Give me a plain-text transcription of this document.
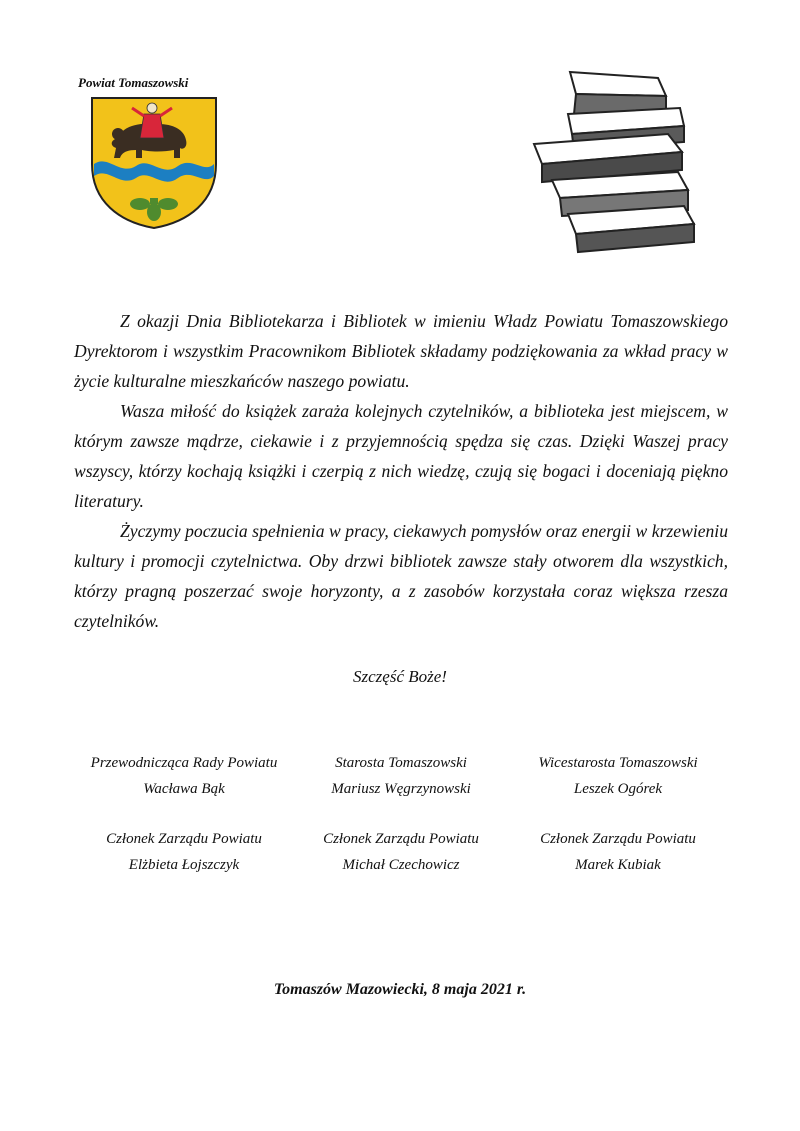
Powiat Tomaszowski

Z okazji Dnia Bibliotekarza i Bibliotek w imieniu Władz Powiatu Tomaszowskiego Dyrektorom i wszystkim Pracownikom Bibliotek składamy podziękowania za wkład pracy w życie kulturalne mieszkańców naszego powiatu.

Wasza miłość do książek zaraża kolejnych czytelników, a biblioteka jest miejscem, w którym zawsze mądrze, ciekawie i z przyjemnością spędza się czas. Dzięki Waszej pracy wszyscy, którzy kochają książki i czerpią z nich wiedzę, czują się bogaci i doceniają piękno literatury.

Życzymy poczucia spełnienia w pracy, ciekawych pomysłów oraz energii w krzewieniu kultury i promocji czytelnictwa. Oby drzwi bibliotek zawsze stały otworem dla wszystkich, którzy pragną poszerzać swoje horyzonty, a z zasobów korzystała coraz większa rzesza czytelników.

Szczęść Boże!
Przewodnicząca Rady Powiatu
Wacława Bąk
Starosta Tomaszowski
Mariusz Węgrzynowski
Wicestarosta Tomaszowski
Leszek Ogórek
Członek Zarządu Powiatu
Elżbieta Łojszczyk
Członek Zarządu Powiatu
Michał Czechowicz
Członek Zarządu Powiatu
Marek Kubiak
Tomaszów Mazowiecki, 8 maja 2021 r.
